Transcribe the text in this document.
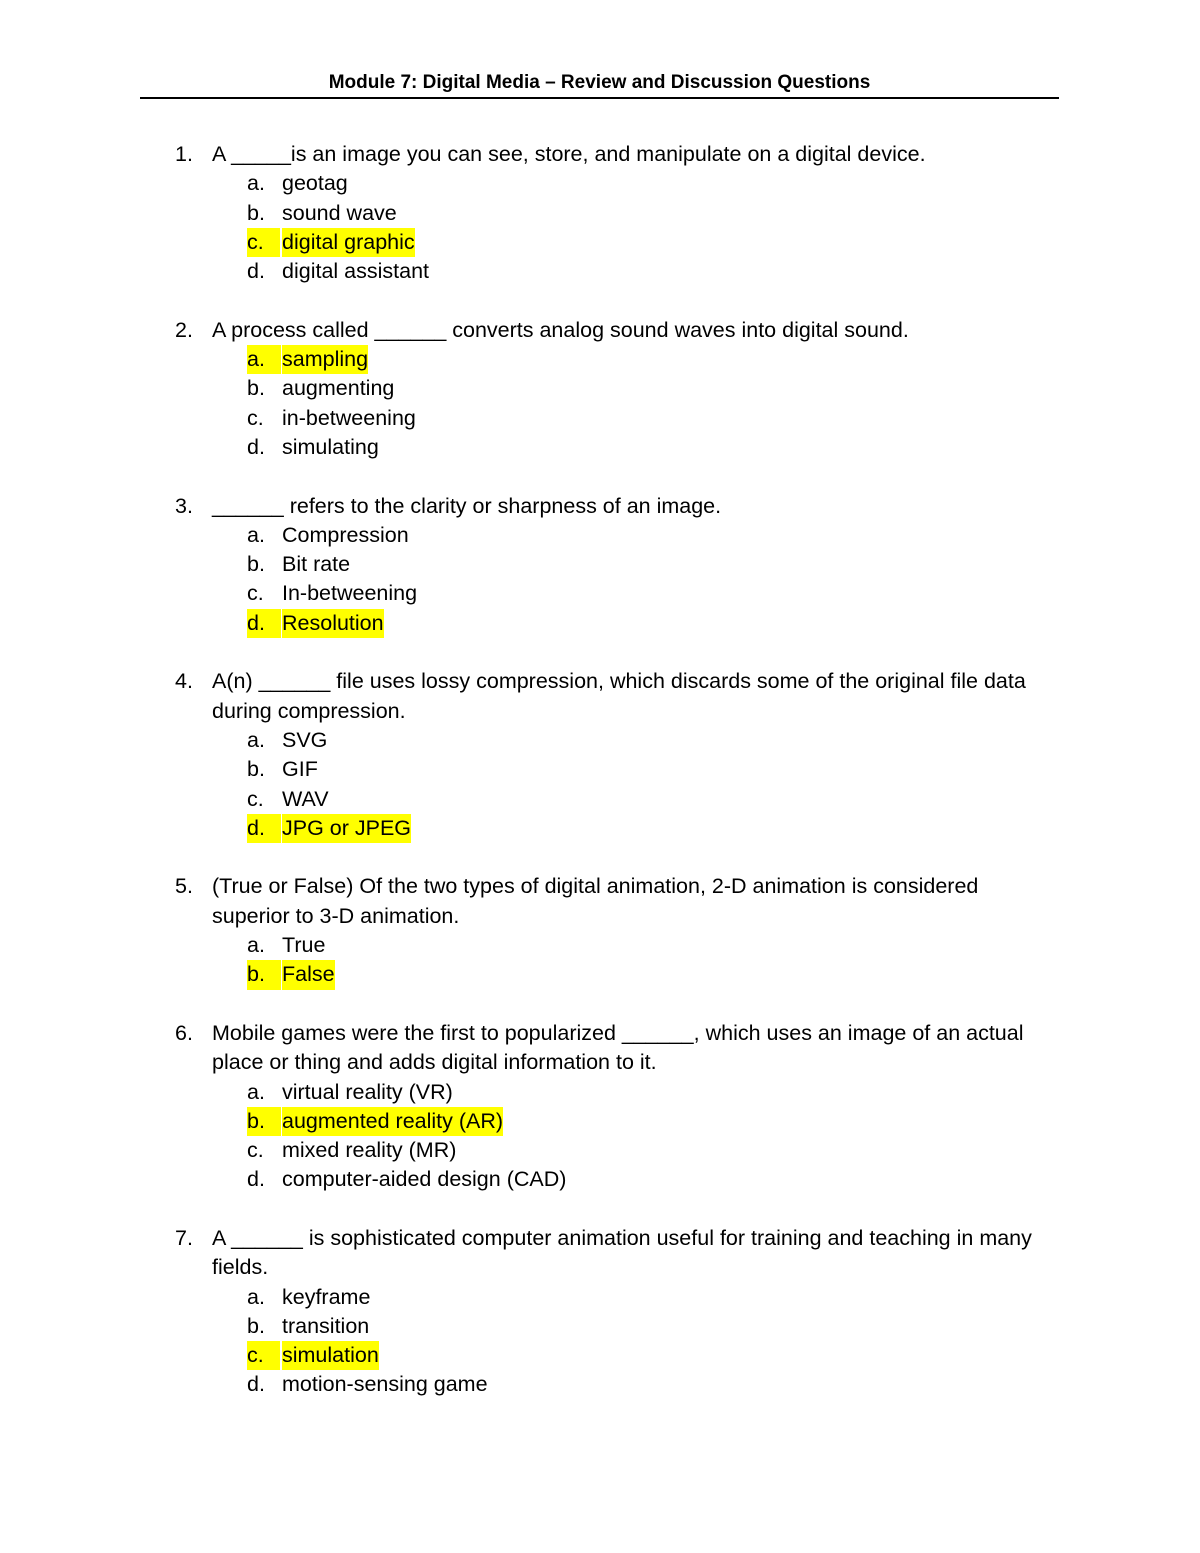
Module 7: Digital Media – Review and Discussion Questions
1. A _____is an image you can see, store, and manipulate on a digital device.
a. geotag
b. sound wave
c. digital graphic
d. digital assistant
2. A process called ______ converts analog sound waves into digital sound.
a. sampling
b. augmenting
c. in-betweening
d. simulating
3. ______ refers to the clarity or sharpness of an image.
a. Compression
b. Bit rate
c. In-betweening
d. Resolution
4. A(n) ______ file uses lossy compression, which discards some of the original file data during compression.
a. SVG
b. GIF
c. WAV
d. JPG or JPEG
5. (True or False) Of the two types of digital animation, 2-D animation is considered superior to 3-D animation.
a. True
b. False
6. Mobile games were the first to popularized ______, which uses an image of an actual place or thing and adds digital information to it.
a. virtual reality (VR)
b. augmented reality (AR)
c. mixed reality (MR)
d. computer-aided design (CAD)
7. A ______ is sophisticated computer animation useful for training and teaching in many fields.
a. keyframe
b. transition
c. simulation
d. motion-sensing game
